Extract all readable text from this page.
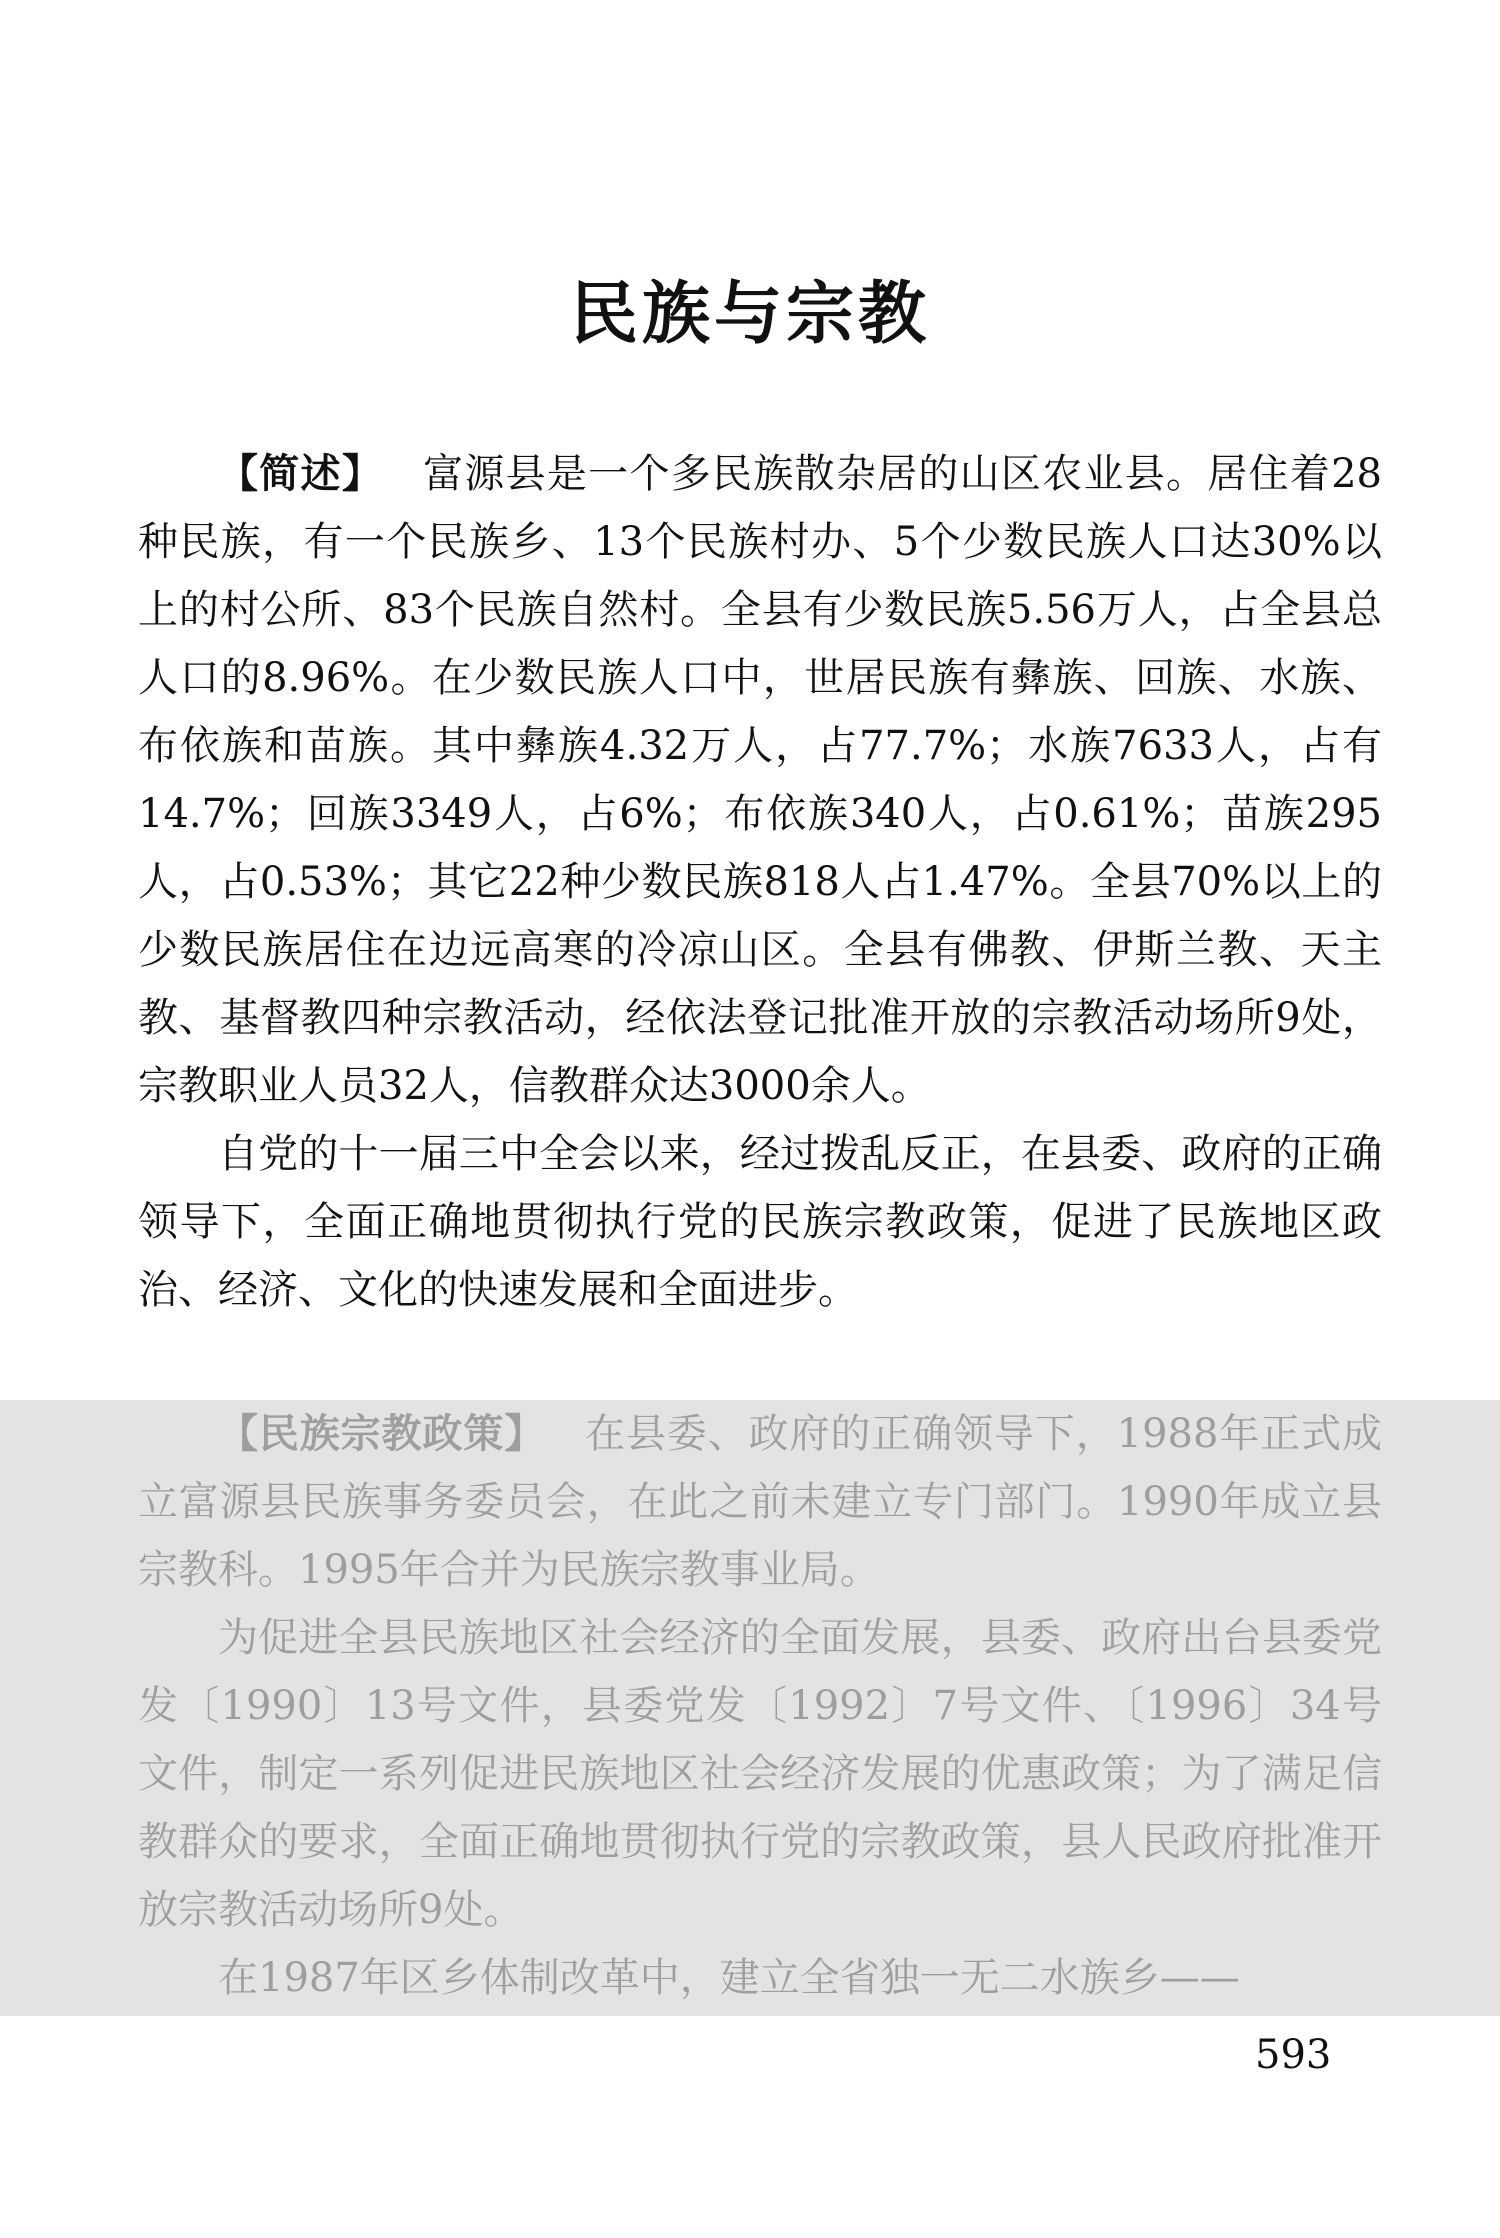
民族与宗教

【简述】 富源县是一个多民族散杂居的山区农业县。居住着28种民族，有一个民族乡、13个民族村办、5个少数民族人口达30%以上的村公所、83个民族自然村。全县有少数民族5.56万人，占全县总人口的8.96%。在少数民族人口中，世居民族有彝族、回族、水族、布依族和苗族。其中彝族4.32万人，占77.7%；水族7633人，占有14.7%；回族3349人，占6%；布依族340人，占0.61%；苗族295人，占0.53%；其它22种少数民族818人占1.47%。全县70%以上的少数民族居住在边远高寒的冷凉山区。全县有佛教、伊斯兰教、天主教、基督教四种宗教活动，经依法登记批准开放的宗教活动场所9处，宗教职业人员32人，信教群众达3000余人。

自党的十一届三中全会以来，经过拨乱反正，在县委、政府的正确领导下，全面正确地贯彻执行党的民族宗教政策，促进了民族地区政治、经济、文化的快速发展和全面进步。

【民族宗教政策】 在县委、政府的正确领导下，1988年正式成立富源县民族事务委员会，在此之前未建立专门部门。1990年成立县宗教科。1995年合并为民族宗教事业局。

为促进全县民族地区社会经济的全面发展，县委、政府出台县委党发〔1990〕13号文件，县委党发〔1992〕7号文件、〔1996〕34号文件，制定一系列促进民族地区社会经济发展的优惠政策；为了满足信教群众的要求，全面正确地贯彻执行党的宗教政策，县人民政府批准开放宗教活动场所9处。

在1987年区乡体制改革中，建立全省独一无二水族乡——

593
